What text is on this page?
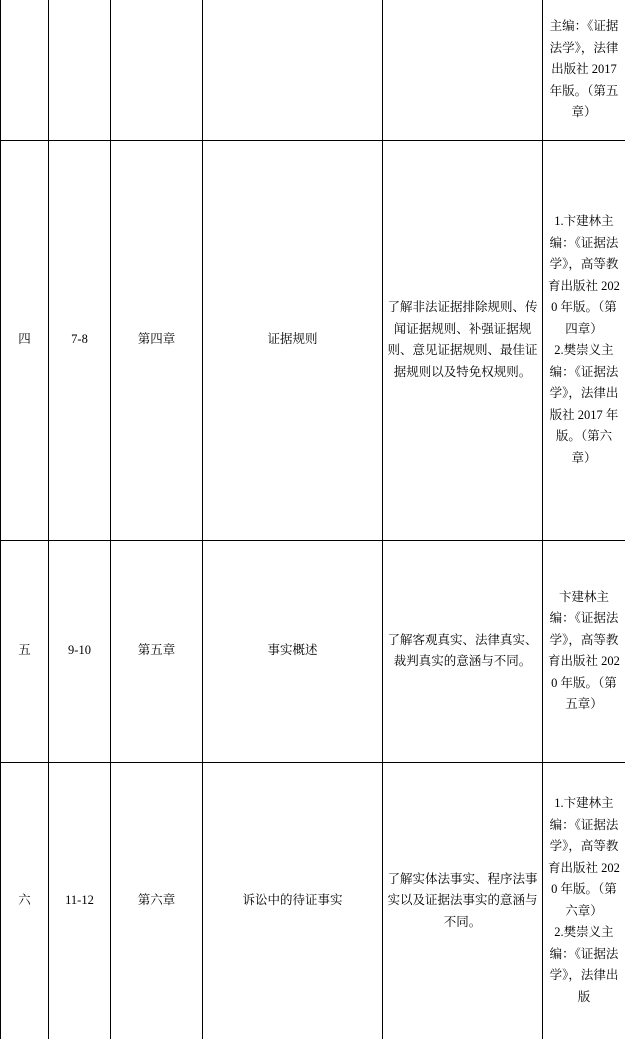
					主编：《证据法学》，法律出版社 2017 年版。（第五章）

四	7-8	第四章	证据规则	了解非法证据排除规则、传闻证据规则、补强证据规则、意见证据规则、最佳证据规则以及特免权规则。	1.卞建林主编：《证据法学》，高等教育出版社 2020 年版。（第四章）
2.樊崇义主编：《证据法学》，法律出版社 2017 年版。（第六章）

五	9-10	第五章	事实概述	了解客观真实、法律真实、裁判真实的意涵与不同。	卞建林主编：《证据法学》，高等教育出版社 2020 年版。（第五章）

六	11-12	第六章	诉讼中的待证事实	了解实体法事实、程序法事实以及证据法事实的意涵与不同。	1.卞建林主编：《证据法学》，高等教育出版社 2020 年版。（第六章）
2.樊崇义主编：《证据法学》，法律出版
